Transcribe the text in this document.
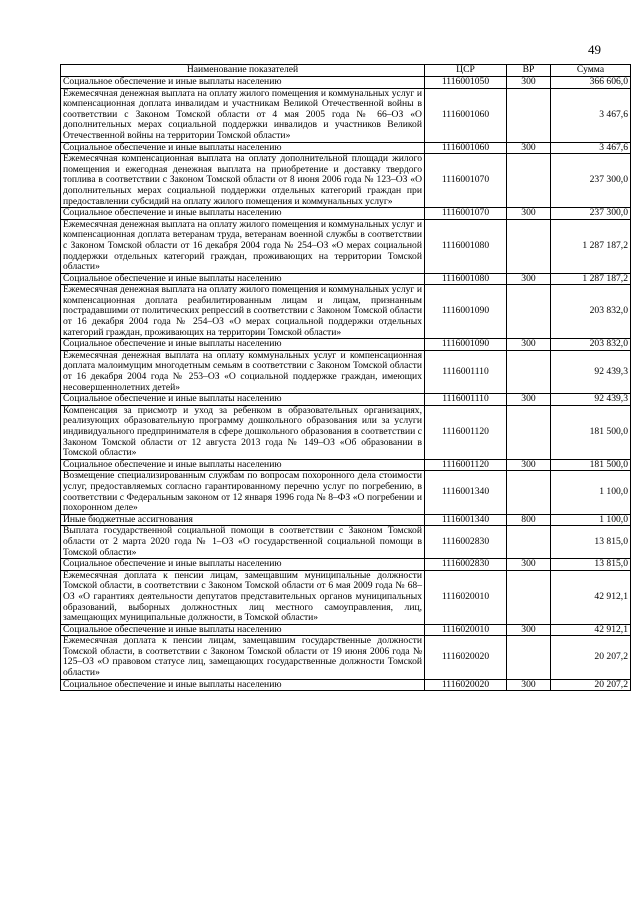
49
Наименование показателей	ЦСР	ВР	Сумма
Социальное обеспечение и иные выплаты населению	1116001050	300	366 606,0
Ежемесячная денежная выплата на оплату жилого помещения и коммунальных услуг и компенсационная доплата инвалидам и участникам Великой Отечественной войны в соответствии с Законом Томской области от 4 мая 2005 года № 66–ОЗ «О дополнительных мерах социальной поддержки инвалидов и участников Великой Отечественной войны на территории Томской области»	1116001060		3 467,6
Социальное обеспечение и иные выплаты населению	1116001060	300	3 467,6
Ежемесячная компенсационная выплата на оплату дополнительной площади жилого помещения и ежегодная денежная выплата на приобретение и доставку твердого топлива в соответствии с Законом Томской области от 8 июня 2006 года № 123–ОЗ «О дополнительных мерах социальной поддержки отдельных категорий граждан при предоставлении субсидий на оплату жилого помещения и коммунальных услуг»	1116001070		237 300,0
Социальное обеспечение и иные выплаты населению	1116001070	300	237 300,0
Ежемесячная денежная выплата на оплату жилого помещения и коммунальных услуг и компенсационная доплата ветеранам труда, ветеранам военной службы в соответствии с Законом Томской области от 16 декабря 2004 года № 254–ОЗ «О мерах социальной поддержки отдельных категорий граждан, проживающих на территории Томской области»	1116001080		1 287 187,2
Социальное обеспечение и иные выплаты населению	1116001080	300	1 287 187,2
Ежемесячная денежная выплата на оплату жилого помещения и коммунальных услуг и компенсационная доплата реабилитированным лицам и лицам, признанным пострадавшими от политических репрессий в соответствии с Законом Томской области от 16 декабря 2004 года № 254–ОЗ «О мерах социальной поддержки отдельных категорий граждан, проживающих на территории Томской области»	1116001090		203 832,0
Социальное обеспечение и иные выплаты населению	1116001090	300	203 832,0
Ежемесячная денежная выплата на оплату коммунальных услуг и компенсационная доплата малоимущим многодетным семьям в соответствии с Законом Томской области от 16 декабря 2004 года № 253–ОЗ «О социальной поддержке граждан, имеющих несовершеннолетних детей»	1116001110		92 439,3
Социальное обеспечение и иные выплаты населению	1116001110	300	92 439,3
Компенсация за присмотр и уход за ребенком в образовательных организациях, реализующих образовательную программу дошкольного образования или за услуги индивидуального предпринимателя в сфере дошкольного образования в соответствии с Законом Томской области от 12 августа 2013 года № 149–ОЗ «Об образовании в Томской области»	1116001120		181 500,0
Социальное обеспечение и иные выплаты населению	1116001120	300	181 500,0
Возмещение специализированным службам по вопросам похоронного дела стоимости услуг, предоставляемых согласно гарантированному перечню услуг по погребению, в соответствии с Федеральным законом от 12 января 1996 года № 8–ФЗ «О погребении и похоронном деле»	1116001340		1 100,0
Иные бюджетные ассигнования	1116001340	800	1 100,0
Выплата государственной социальной помощи в соответствии с Законом Томской области от 2 марта 2020 года № 1–ОЗ «О государственной социальной помощи в Томской области»	1116002830		13 815,0
Социальное обеспечение и иные выплаты населению	1116002830	300	13 815,0
Ежемесячная доплата к пенсии лицам, замещавшим муниципальные должности Томской области, в соответствии с Законом Томской области от 6 мая 2009 года № 68–ОЗ «О гарантиях деятельности депутатов представительных органов муниципальных образований, выборных должностных лиц местного самоуправления, лиц, замещающих муниципальные должности, в Томской области»	1116020010		42 912,1
Социальное обеспечение и иные выплаты населению	1116020010	300	42 912,1
Ежемесячная доплата к пенсии лицам, замещавшим государственные должности Томской области, в соответствии с Законом Томской области от 19 июня 2006 года № 125–ОЗ «О правовом статусе лиц, замещающих государственные должности Томской области»	1116020020		20 207,2
Социальное обеспечение и иные выплаты населению	1116020020	300	20 207,2
